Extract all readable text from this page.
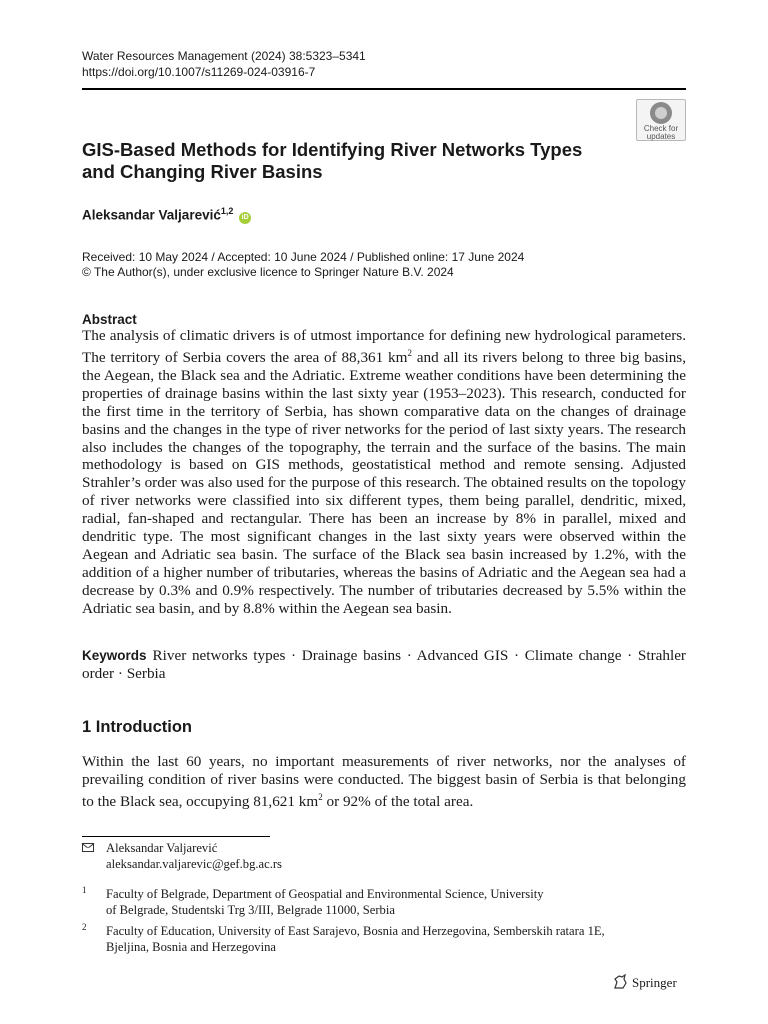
Water Resources Management (2024) 38:5323–5341
https://doi.org/10.1007/s11269-024-03916-7
Check for
updates
GIS-Based Methods for Identifying River Networks Types
and Changing River Basins
Aleksandar Valjarević$^{1,2}$ iD
Received: 10 May 2024 / Accepted: 10 June 2024 / Published online: 17 June 2024
© The Author(s), under exclusive licence to Springer Nature B.V. 2024
Abstract

The analysis of climatic drivers is of utmost importance for defining new hydrological parameters. The territory of Serbia covers the area of 88,361 $km^2$ and all its rivers belong to three big basins, the Aegean, the Black sea and the Adriatic. Extreme weather conditions have been determining the properties of drainage basins within the last sixty year (1953–2023). This research, conducted for the first time in the territory of Serbia, has shown comparative data on the changes of drainage basins and the changes in the type of river networks for the period of last sixty years. The research also includes the changes of the topography, the terrain and the surface of the basins. The main methodology is based on GIS methods, geostatistical method and remote sensing. Adjusted Strahler’s order was also used for the purpose of this research. The obtained results on the topology of river networks were classified into six different types, them being parallel, dendritic, mixed, radial, fan-shaped and rectangular. There has been an increase by 8% in parallel, mixed and dendritic type. The most significant changes in the last sixty years were observed within the Aegean and Adriatic sea basin. The surface of the Black sea basin increased by 1.2%, with the addition of a higher number of tributaries, whereas the basins of Adriatic and the Aegean sea had a decrease by 0.3% and 0.9% respectively. The number of tributaries decreased by 5.5% within the Adriatic sea basin, and by 8.8% within the Aegean sea basin.

Keywords River networks types · Drainage basins · Advanced GIS · Climate change · Strahler order · Serbia

1 Introduction

Within the last 60 years, no important measurements of river networks, nor the analyses of prevailing condition of river basins were conducted. The biggest basin of Serbia is that belonging to the Black sea, occupying 81,621 $km^2$ or 92% of the total area.

Aleksandar Valjarević
aleksandar.valjarevic@gef.bg.ac.rs
1 Faculty of Belgrade, Department of Geospatial and Environmental Science, University
of Belgrade, Studentski Trg 3/III, Belgrade 11000, Serbia
2 Faculty of Education, University of East Sarajevo, Bosnia and Herzegovina, Semberskih ratara 1E,
Bjeljina, Bosnia and Herzegovina
Springer
